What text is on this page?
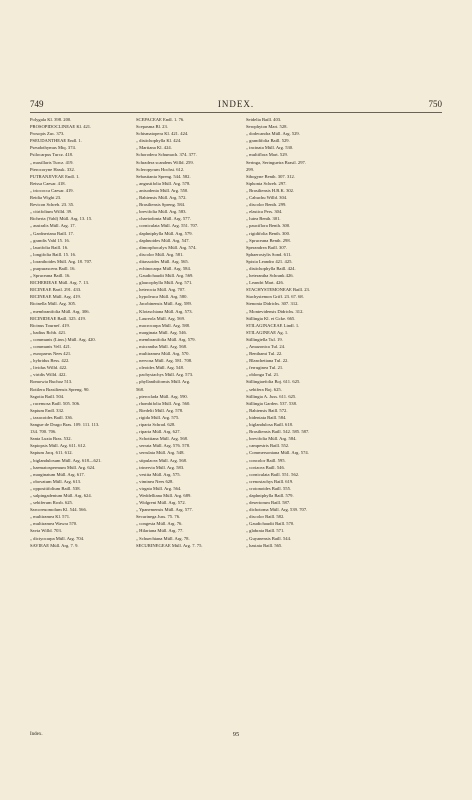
749	INDEX.	750
Polygala Kl. 398. 200.
PROSOPIDOCLINEAE Kl. 421.
Prosopis Zuc. 373.
PSEUDANTHEAE Endl. 1.
Pseudothymus Miq. 374.
Psilocarpus Turcz. 418.
„ maxillaris Turcz. 419.
Pterocoryne Hassk. 332.
PUTRANJIVEAE Endl. 1.
Reissa Caesar. 418.
„ triococca Caesar. 419.
Reidia Wight 23.
Revicon Schreb. 23. 35.
„ citrifolium Willd. 39.
Richeria (Vahl) Müll. Arg. 13. 15.
„ australis Müll. Arg. 17.
„ Gardneriana Baill. 17.
„ grandis Vahl 15. 16.
„ laurifolia Baill. 16.
„ longifolia Baill. 15. 16.
„ loranthoides Müll. Arg. 18. 707.
„ purpurascens Baill. 16.
„ Spruceana Baill. 16.
RICHERIEAE Müll. Arg. 7. 13.
RICINEAE Bartl. 291. 433.
RICINEAE Müll. Arg. 419.
Ricinella Müll. Arg. 305.
„ membranifolia Müll. Arg. 306.
RICINIDEAE Baill. 325. 419.
Ricinus Tournef. 419.
„ badius Rchb. 421.
„ communis (Linn.) Müll. Arg. 420.
„ communis Vell. 421.
„ europaeus Nees 421.
„ hybridus Bess. 422.
„ lividus Willd. 422.
„ viridis Willd. 422.
Romowia Buchoz 513.
Rottlera Brasiliensis Spreng. 90.
Sagotia Baill. 504.
„ racemosa Baill. 505. 506.
Sapium Endl. 332.
„ taxacoides Baill. 336.
Sangue de Drago Bras. 109. 111. 113.
134. 700. 706.
Santa Luzia Bras. 532.
Sapiopsis Müll. Arg. 611. 612.
Sapium Jacq. 611. 612.
„ biglandulosum Müll. Arg. 618—621.
„ haematospermum Müll. Arg. 624.
„ marginatum Müll. Arg. 617.
„ obovatum Müll. Arg. 613.
„ oppositifolium Baill. 538.
„ salpingadenium Müll. Arg. 624.
„ sebiferum Roxb. 625.
Sarcoreuomolum Kl. 544. 566.
„ multiramea Kl. 571.
„ multiramea Wawra 570.
Savia Willd. 703.
„ dictyocarpa Müll. Arg. 704.
SAVIEAE Müll. Arg. 7. 9.
SCEPACEAE Endl. 1. 76.
Scepasma Bl. 23.
Schismatopera Kl. 421. 424.
„ distichophylla Kl. 424.
„ Martiana Kl. 424.
Schorodera Schumach. 374. 377.
Schradera scandens Willd. 259.
Scleropyrum Hochst. 612.
Sebastiania Spreng. 544. 582.
„ angustifolia Müll. Arg. 578.
„ anisodenia Müll. Arg. 550.
„ Bahiensis Müll. Arg. 572.
„ Brasiliensis Spreng. 584.
„ brevifolia Müll. Arg. 583.
„ chaetodonta Müll. Arg. 577.
„ corniculata Müll. Arg. 551. 707.
„ daphniphylla Müll. Arg. 579.
„ daphnoides Müll. Arg. 547.
„ dimorphocalyx Müll. Arg. 574.
„ discolor Müll. Arg. 581.
„ ditassoides Müll. Arg. 565.
„ echinocarpa Müll. Arg. 584.
„ Gaudichaudii Müll. Arg. 569.
„ glaucophylla Müll. Arg. 571.
„ heterocia Müll. Arg. 707.
„ hypoleuca Müll. Arg. 580.
„ Jacobinensis Müll. Arg. 589.
„ Klotzschiana Müll. Arg. 573.
„ Laureola Müll. Arg. 569.
„ macrocarpa Müll. Arg. 588.
„ marginata Müll. Arg. 546.
„ membranifolia Müll. Arg. 579.
„ micrantha Müll. Arg. 568.
„ multiramea Müll. Arg. 570.
„ nervosa Müll. Arg. 581. 708.
„ oleoides Müll. Arg. 548.
„ pachystachys Müll. Arg. 573.
„ phyllanthiformis Müll. Arg.
568.
„ pteroclada Müll. Arg. 590.
„ rhombifolia Müll. Arg. 560.
„ Riedelii Müll. Arg. 578.
„ rigida Müll. Arg. 575.
„ riparia Schrad. 628.
„ riparia Müll. Arg. 627.
„ Schottiana Müll. Arg. 568.
„ serrata Müll. Arg. 576. 578.
„ serrulata Müll. Arg. 548.
„ stipulacea Müll. Arg. 568.
„ trinervia Müll. Arg. 583.
„ vestita Müll. Arg. 575.
„ viminea Nees 628.
„ virgata Müll. Arg. 564.
„ Weddelliana Müll. Arg. 689.
„ Widgreni Müll. Arg. 572.
„ Ypanemensis Müll. Arg. 577.
Securinega Juss. 75. 76.
„ congesta Müll. Arg. 76.
„ Hilariana Müll. Arg. 77.
„ Schuechiana Müll. Arg. 78.
SECURINEGEAE Müll. Arg. 7. 75.
Seidelia Baill. 403.
Serophyton Mart. 528.
„ dodecandra Müll. Arg. 529.
„ grandifolia Baill. 529.
„ incinata Müll. Arg. 530.
„ multiflora Mart. 529.
Seringa, Seringueira Brasil. 297.
299.
Sibogyne Benth. 307. 312.
Siphonia Schreb. 297.
„ Brasiliensis H.B.K. 302.
„ Cahuchu Willd. 304.
„ discolor Benth. 299.
„ elastica Pers. 304.
„ lutea Benth. 301.
„ pauciflora Benth. 300.
„ rigidifolia Benth. 300.
„ Spruceana Benth. 298.
Sperandrea Baill. 307.
Sphaerostylis Sond. 611.
Spixia Leandro 421. 425.
„ distichophylla Baill. 424.
„ heterantha Schrank 426.
„ Leandri Mart. 426.
STACHYSTEMONEAE Baill. 23.
Stachystemon Griff. 23. 67. 68.
Stenonia Didrichs. 307. 312.
„ Montevidensis Didrichs. 312.
Stillingia Kl. et Gcke. 665.
STILAGINACEAE Lindl. 1.
STILAGINEAE Ag. 1.
Stillingiella Tul. 19.
„ Amazonica Tul. 24.
„ Benthami Tul. 22.
„ Blanchetiana Tul. 22.
„ ferruginea Tul. 21.
„ oblonga Tul. 21.
Stillingiaefolia Boj. 611. 625.
„ sebifera Boj. 625.
Stillingia A. Juss. 611. 625.
Stillingia Garden. 537. 538.
„ Bahiensis Baill. 572.
„ bidentata Baill. 584.
„ biglandulosa Baill. 618.
„ Brasiliensis Baill. 542. 585. 587.
„ brevifolia Müll. Arg. 584.
„ campestris Baill. 552.
„ Commersoniana Müll. Arg. 574.
„ concolor Baill. 595.
„ coriacea Baill. 546.
„ corniculata Baill. 551. 562.
„ crenostachys Baill. 619.
„ crotonoides Baill. 555.
„ daphniphylla Baill. 579.
„ desertorum Baill. 587.
„ dichotoma Müll. Arg. 539. 707.
„ discolor Baill. 582.
„ Gaudichaudii Baill. 570.
„ glabrata Baill. 571.
„ Guyanensis Baill. 544.
„ hastata Baill. 565.
Index.	95
